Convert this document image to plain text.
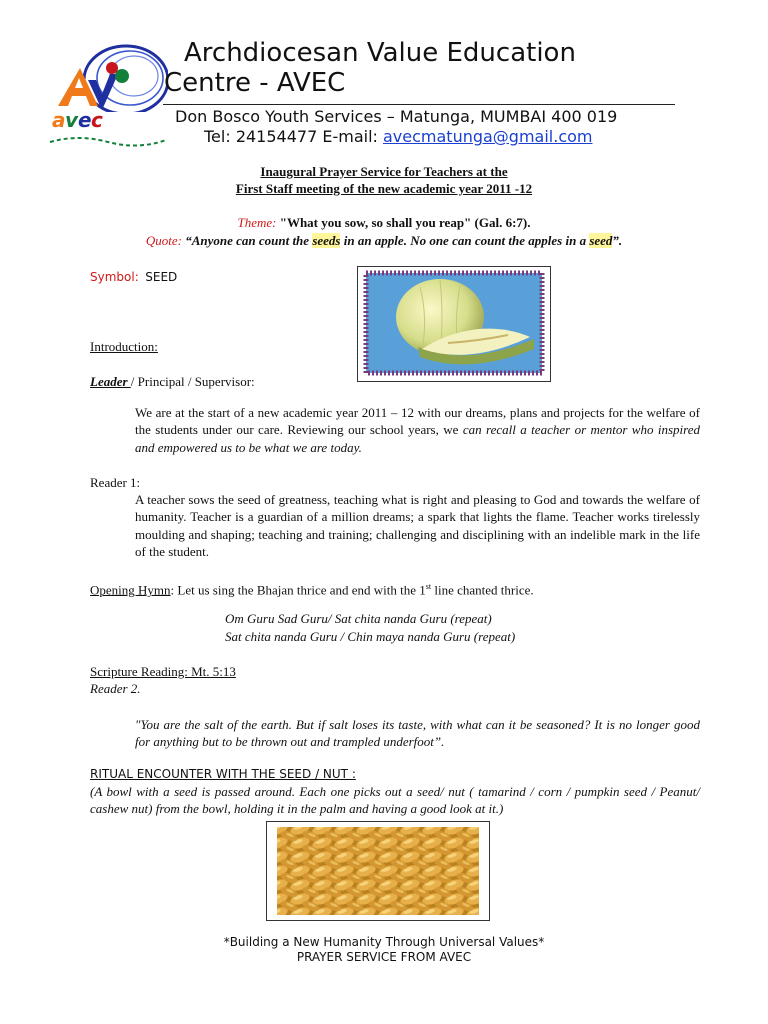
a v e c
Archdiocesan Value Education
Centre - AVEC
Don Bosco Youth Services – Matunga, MUMBAI 400 019
Tel: 24154477 E-mail: avecmatunga@gmail.com
Inaugural Prayer Service for Teachers at the
First Staff meeting of the new academic year 2011 -12
Theme: "What you sow, so shall you reap" (Gal. 6:7).
Quote: “Anyone can count the seeds in an apple. No one can count the apples in a seed”.
Symbol: SEED
Introduction:
Leader / Principal / Supervisor:
We are at the start of a new academic year 2011 – 12 with our dreams, plans and projects for the welfare of the students under our care. Reviewing our school years, we can recall a teacher or mentor who inspired and empowered us to be what we are today.
Reader 1:
A teacher sows the seed of greatness, teaching what is right and pleasing to God and towards the welfare of humanity. Teacher is a guardian of a million dreams; a spark that lights the flame. Teacher works tirelessly moulding and shaping; teaching and training; challenging and disciplining with an indelible mark in the life of the student.
Opening Hymn: Let us sing the Bhajan thrice and end with the 1st line chanted thrice.
Om Guru Sad Guru/ Sat chita nanda Guru (repeat)
Sat chita nanda Guru / Chin maya nanda Guru (repeat)
Scripture Reading: Mt. 5:13
Reader 2.
"You are the salt of the earth. But if salt loses its taste, with what can it be seasoned? It is no longer good for anything but to be thrown out and trampled underfoot”.
RITUAL ENCOUNTER WITH THE SEED / NUT :
(A bowl with a seed is passed around. Each one picks out a seed/ nut ( tamarind / corn / pumpkin seed / Peanut/ cashew nut) from the bowl, holding it in the palm and having a good look at it.)
*Building a New Humanity Through Universal Values*
PRAYER SERVICE FROM AVEC
